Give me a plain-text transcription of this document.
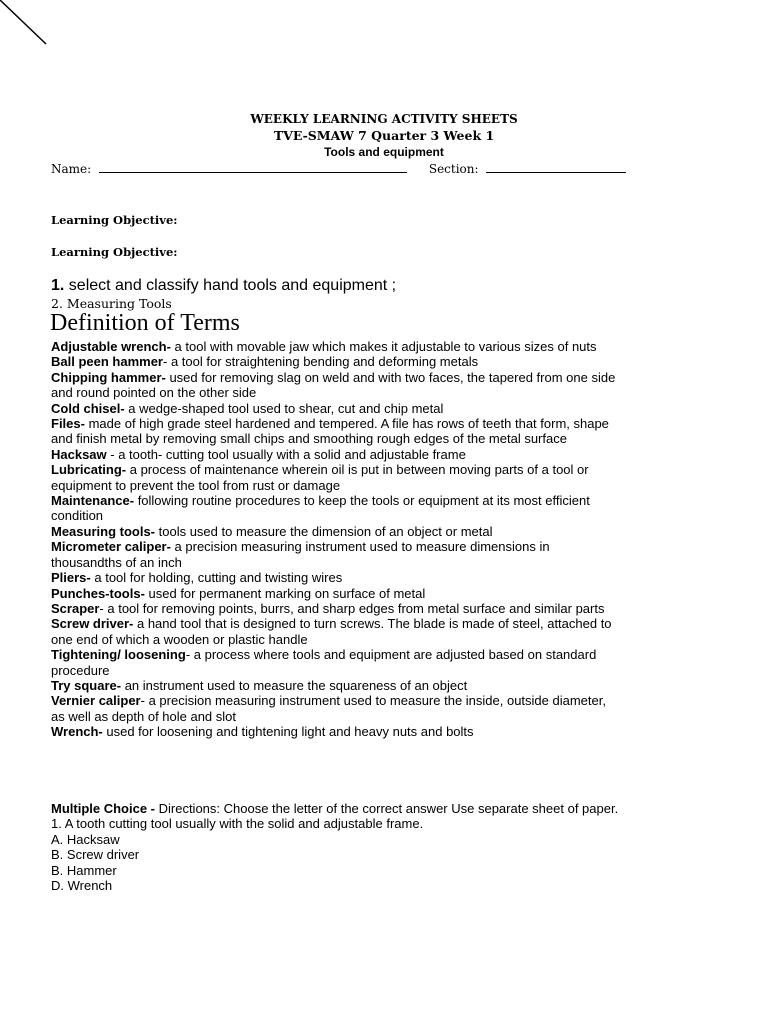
WEEKLY LEARNING ACTIVITY SHEETS
TVE-SMAW 7 Quarter 3 Week 1
Tools and equipment
Name:	Section:
Learning Objective:
Learning Objective:
1. select and classify hand tools and equipment ;
2. Measuring Tools
Definition of Terms
Adjustable wrench- a tool with movable jaw which makes it adjustable to various sizes of nuts
Ball peen hammer- a tool for straightening bending and deforming metals
Chipping hammer- used for removing slag on weld and with two faces, the tapered from one side and round pointed on the other side
Cold chisel- a wedge-shaped tool used to shear, cut and chip metal
Files- made of high grade steel hardened and tempered. A file has rows of teeth that form, shape and finish metal by removing small chips and smoothing rough edges of the metal surface
Hacksaw - a tooth- cutting tool usually with a solid and adjustable frame
Lubricating- a process of maintenance wherein oil is put in between moving parts of a tool or equipment to prevent the tool from rust or damage
Maintenance- following routine procedures to keep the tools or equipment at its most efficient condition
Measuring tools- tools used to measure the dimension of an object or metal
Micrometer caliper- a precision measuring instrument used to measure dimensions in thousandths of an inch
Pliers- a tool for holding, cutting and twisting wires
Punches-tools- used for permanent marking on surface of metal
Scraper- a tool for removing points, burrs, and sharp edges from metal surface and similar parts
Screw driver- a hand tool that is designed to turn screws. The blade is made of steel, attached to one end of which a wooden or plastic handle
Tightening/ loosening- a process where tools and equipment are adjusted based on standard procedure
Try square- an instrument used to measure the squareness of an object
Vernier caliper- a precision measuring instrument used to measure the inside, outside diameter, as well as depth of hole and slot
Wrench- used for loosening and tightening light and heavy nuts and bolts
Multiple Choice - Directions: Choose the letter of the correct answer Use separate sheet of paper.
1. A tooth cutting tool usually with the solid and adjustable frame.
A. Hacksaw
B. Screw driver
B. Hammer
D. Wrench
